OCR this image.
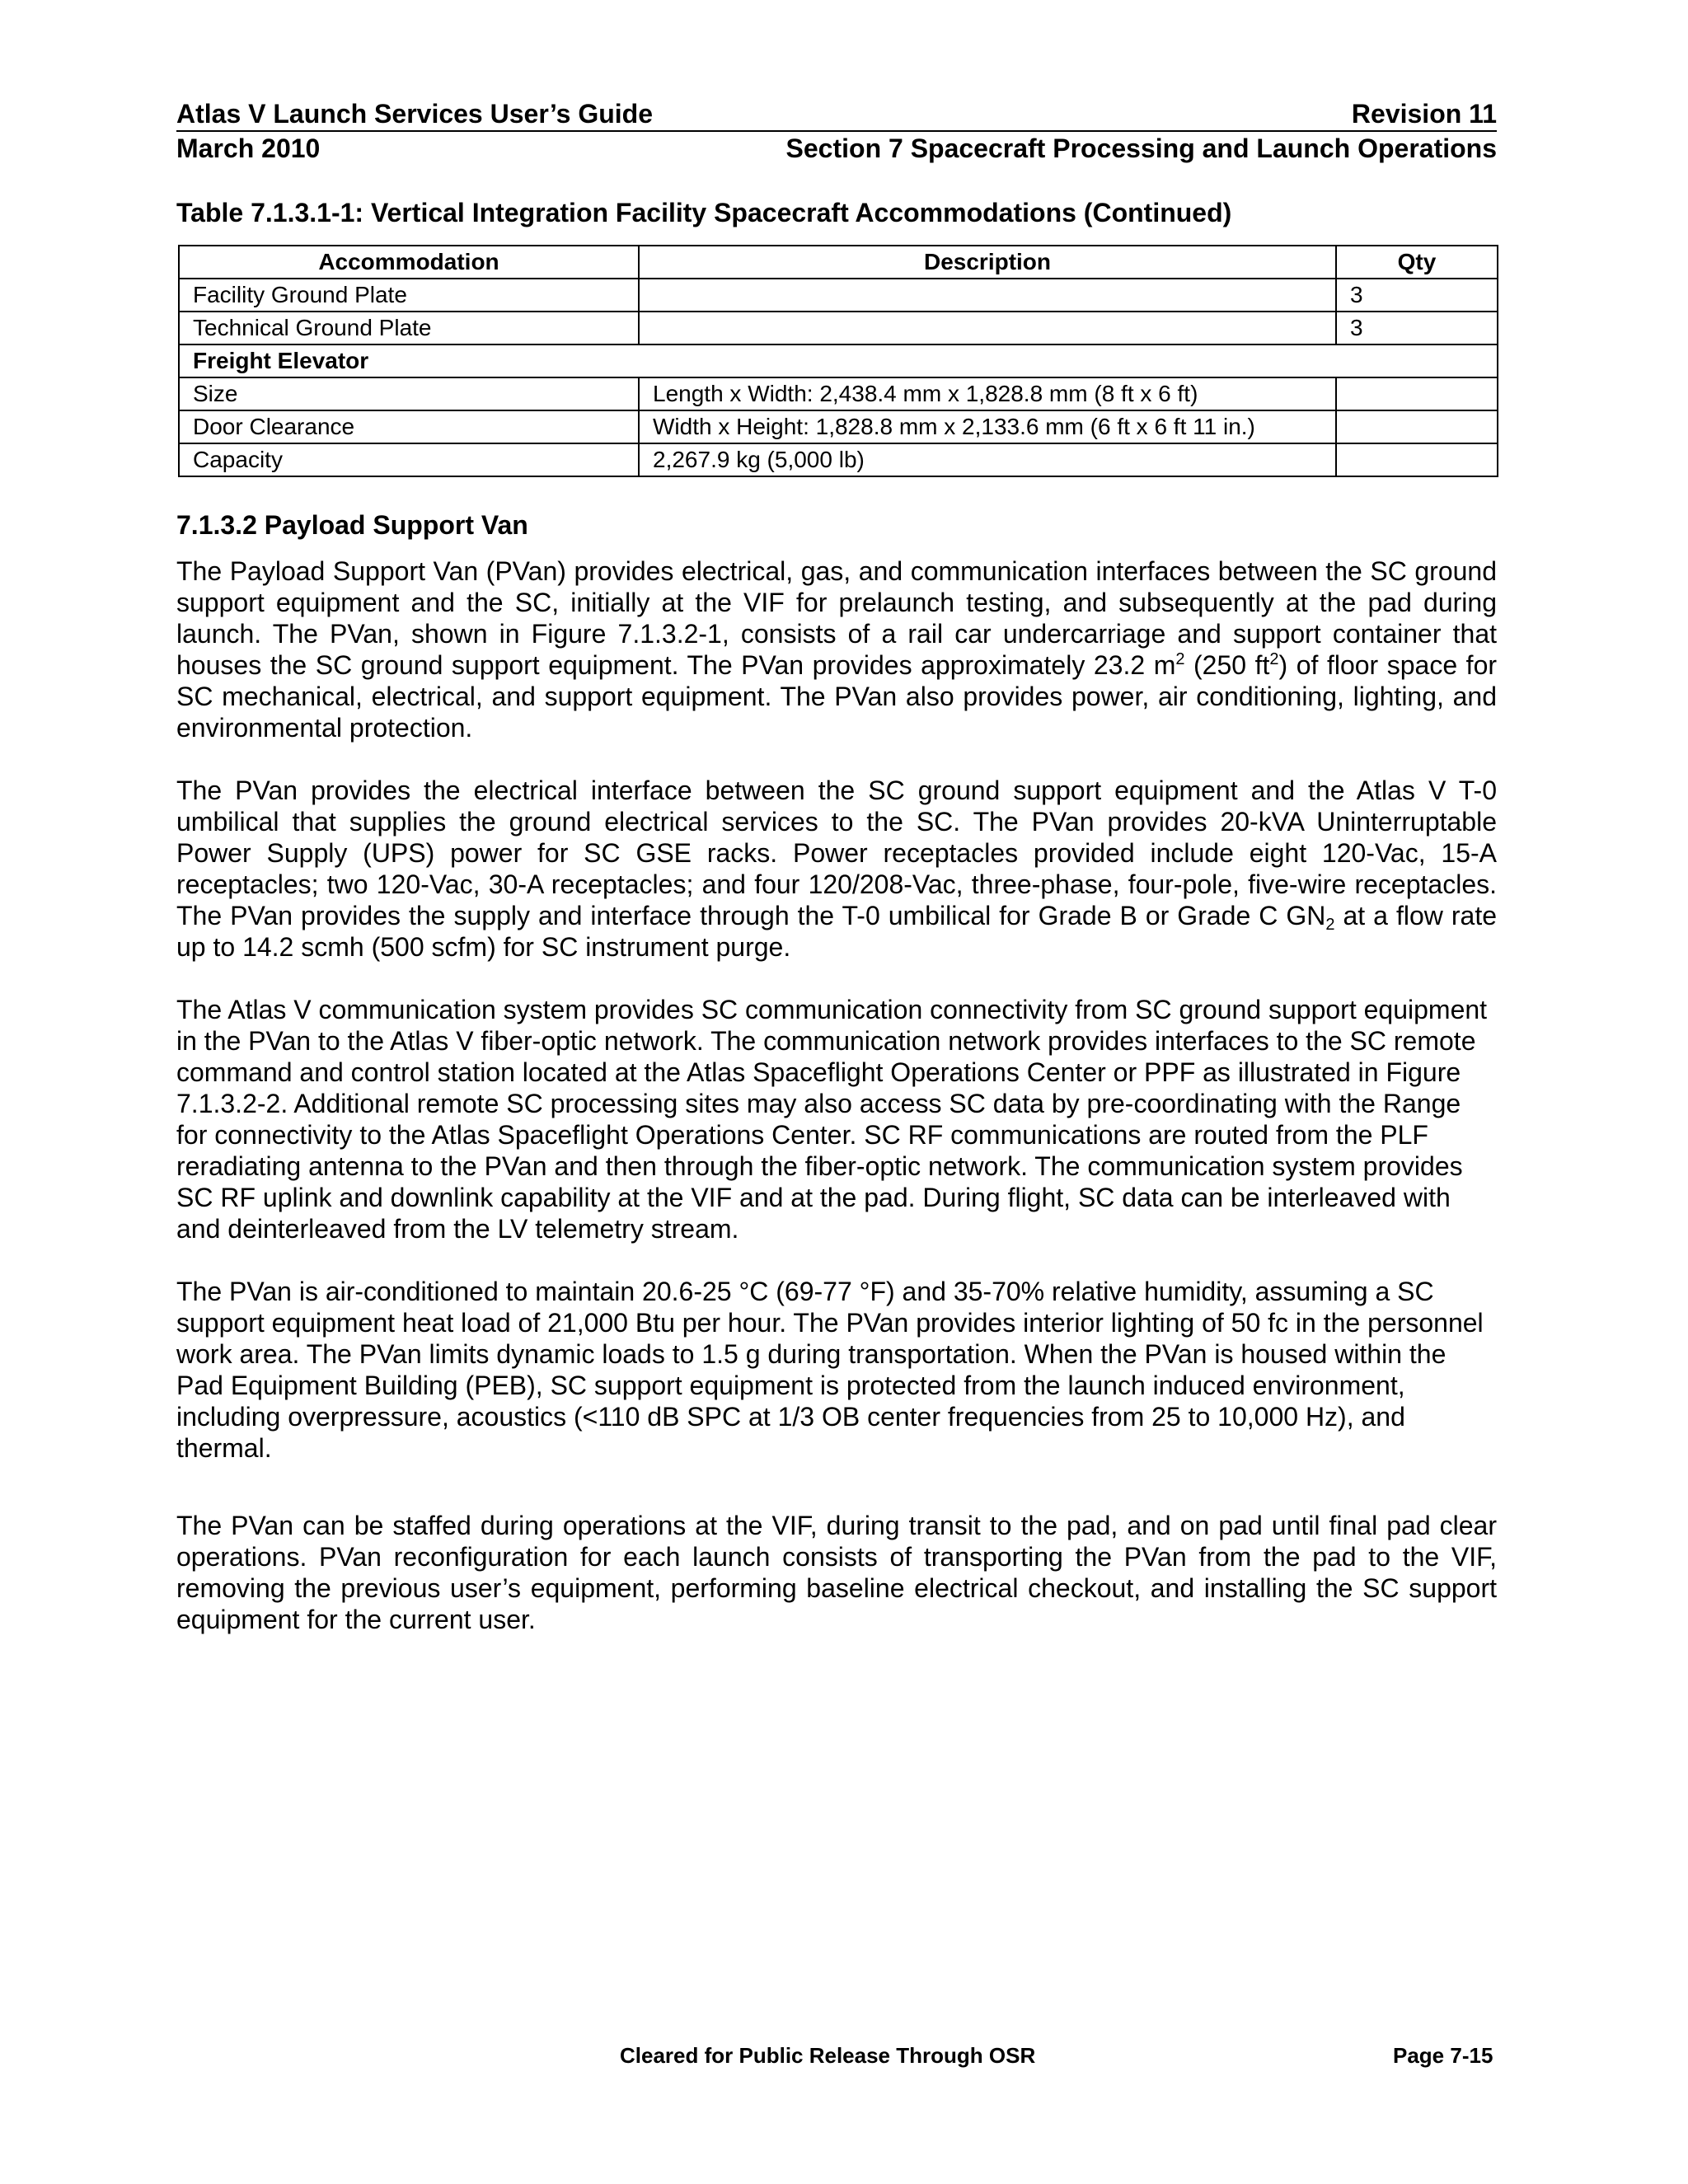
Atlas V Launch Services User’s Guide	Revision 11
March 2010	Section 7 Spacecraft Processing and Launch Operations
Table 7.1.3.1-1: Vertical Integration Facility Spacecraft Accommodations (Continued)
Accommodation	Description	Qty
Facility Ground Plate		3
Technical Ground Plate		3
Freight Elevator		
Size	Length x Width: 2,438.4 mm x 1,828.8 mm (8 ft x 6 ft)	
Door Clearance	Width x Height: 1,828.8 mm x 2,133.6 mm (6 ft x 6 ft 11 in.)	
Capacity	2,267.9 kg (5,000 lb)	
7.1.3.2 Payload Support Van

The Payload Support Van (PVan) provides electrical, gas, and communication interfaces between the SC ground support equipment and the SC, initially at the VIF for prelaunch testing, and subsequently at the pad during launch. The PVan, shown in Figure 7.1.3.2-1, consists of a rail car undercarriage and support container that houses the SC ground support equipment. The PVan provides approximately 23.2 $m^2$ (250 $ft^2$) of floor space for SC mechanical, electrical, and support equipment. The PVan also provides power, air conditioning, lighting, and environmental protection.

The PVan provides the electrical interface between the SC ground support equipment and the Atlas V T-0 umbilical that supplies the ground electrical services to the SC. The PVan provides 20-kVA Uninterruptable Power Supply (UPS) power for SC GSE racks. Power receptacles provided include eight 120-Vac, 15-A receptacles; two 120-Vac, 30-A receptacles; and four 120/208-Vac, three-phase, four-pole, five-wire receptacles. The PVan provides the supply and interface through the T-0 umbilical for Grade B or Grade C $GN_2$ at a flow rate up to 14.2 scmh (500 scfm) for SC instrument purge.

The Atlas V communication system provides SC communication connectivity from SC ground support equipment in the PVan to the Atlas V fiber-optic network. The communication network provides interfaces to the SC remote command and control station located at the Atlas Spaceflight Operations Center or PPF as illustrated in Figure 7.1.3.2-2. Additional remote SC processing sites may also access SC data by pre-coordinating with the Range for connectivity to the Atlas Spaceflight Operations Center. SC RF communications are routed from the PLF reradiating antenna to the PVan and then through the fiber-optic network. The communication system provides SC RF uplink and downlink capability at the VIF and at the pad. During flight, SC data can be interleaved with and deinterleaved from the LV telemetry stream.

The PVan is air-conditioned to maintain 20.6-25 °C (69-77 °F) and 35-70% relative humidity, assuming a SC support equipment heat load of 21,000 Btu per hour. The PVan provides interior lighting of 50 fc in the personnel work area. The PVan limits dynamic loads to 1.5 g during transportation. When the PVan is housed within the Pad Equipment Building (PEB), SC support equipment is protected from the launch induced environment, including overpressure, acoustics (<110 dB SPC at 1/3 OB center frequencies from 25 to 10,000 Hz), and thermal.

The PVan can be staffed during operations at the VIF, during transit to the pad, and on pad until final pad clear operations. PVan reconfiguration for each launch consists of transporting the PVan from the pad to the VIF, removing the previous user’s equipment, performing baseline electrical checkout, and installing the SC support equipment for the current user.

Cleared for Public Release Through OSR	Page 7-15
